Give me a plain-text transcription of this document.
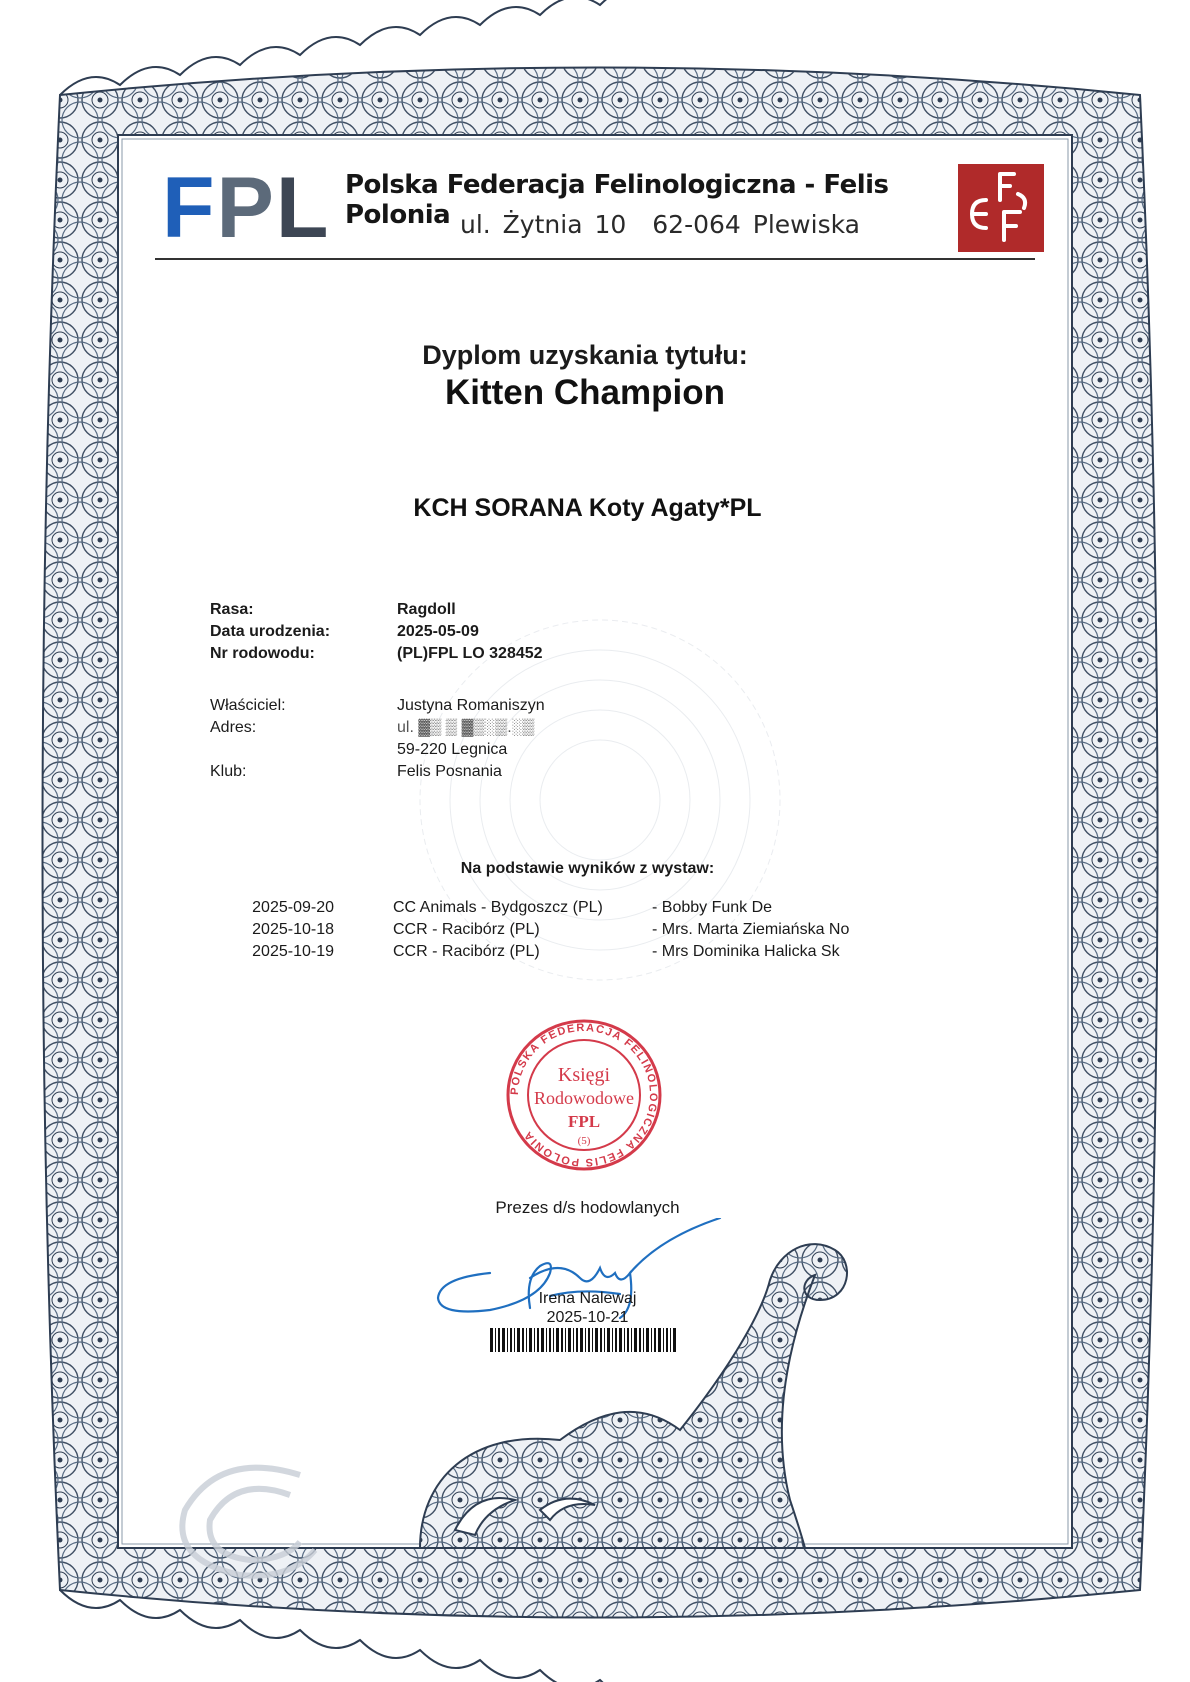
F P L Polska Federacja Felinologiczna - Felis Polonia ul. Żytnia 10 62-064 Plewiska
Dyplom uzyskania tytułu:
Kitten Champion
KCH SORANA Koty Agaty*PL
Rasa:	Ragdoll
Data urodzenia:	2025-05-09
Nr rodowodu:	(PL)FPL LO 328452
Właściciel:	Justyna Romaniszyn
Adres:	ul. ▓▒ ▒ ▓▒░▒.░▒
59-220 Legnica
Klub:	Felis Posnania
Na podstawie wyników z wystaw:
2025-09-20	CC Animals - Bydgoszcz (PL)	- Bobby Funk De
2025-10-18	CCR - Racibórz (PL)	- Mrs. Marta Ziemiańska No
2025-10-19	CCR - Racibórz (PL)	- Mrs Dominika Halicka Sk
POLSKA FEDERACJA FELINOLOGICZNA FELIS POLONIA
Księgi
Rodowodowe
FPL
(5)
Prezes d/s hodowlanych
Irena Nalewaj
2025-10-21
